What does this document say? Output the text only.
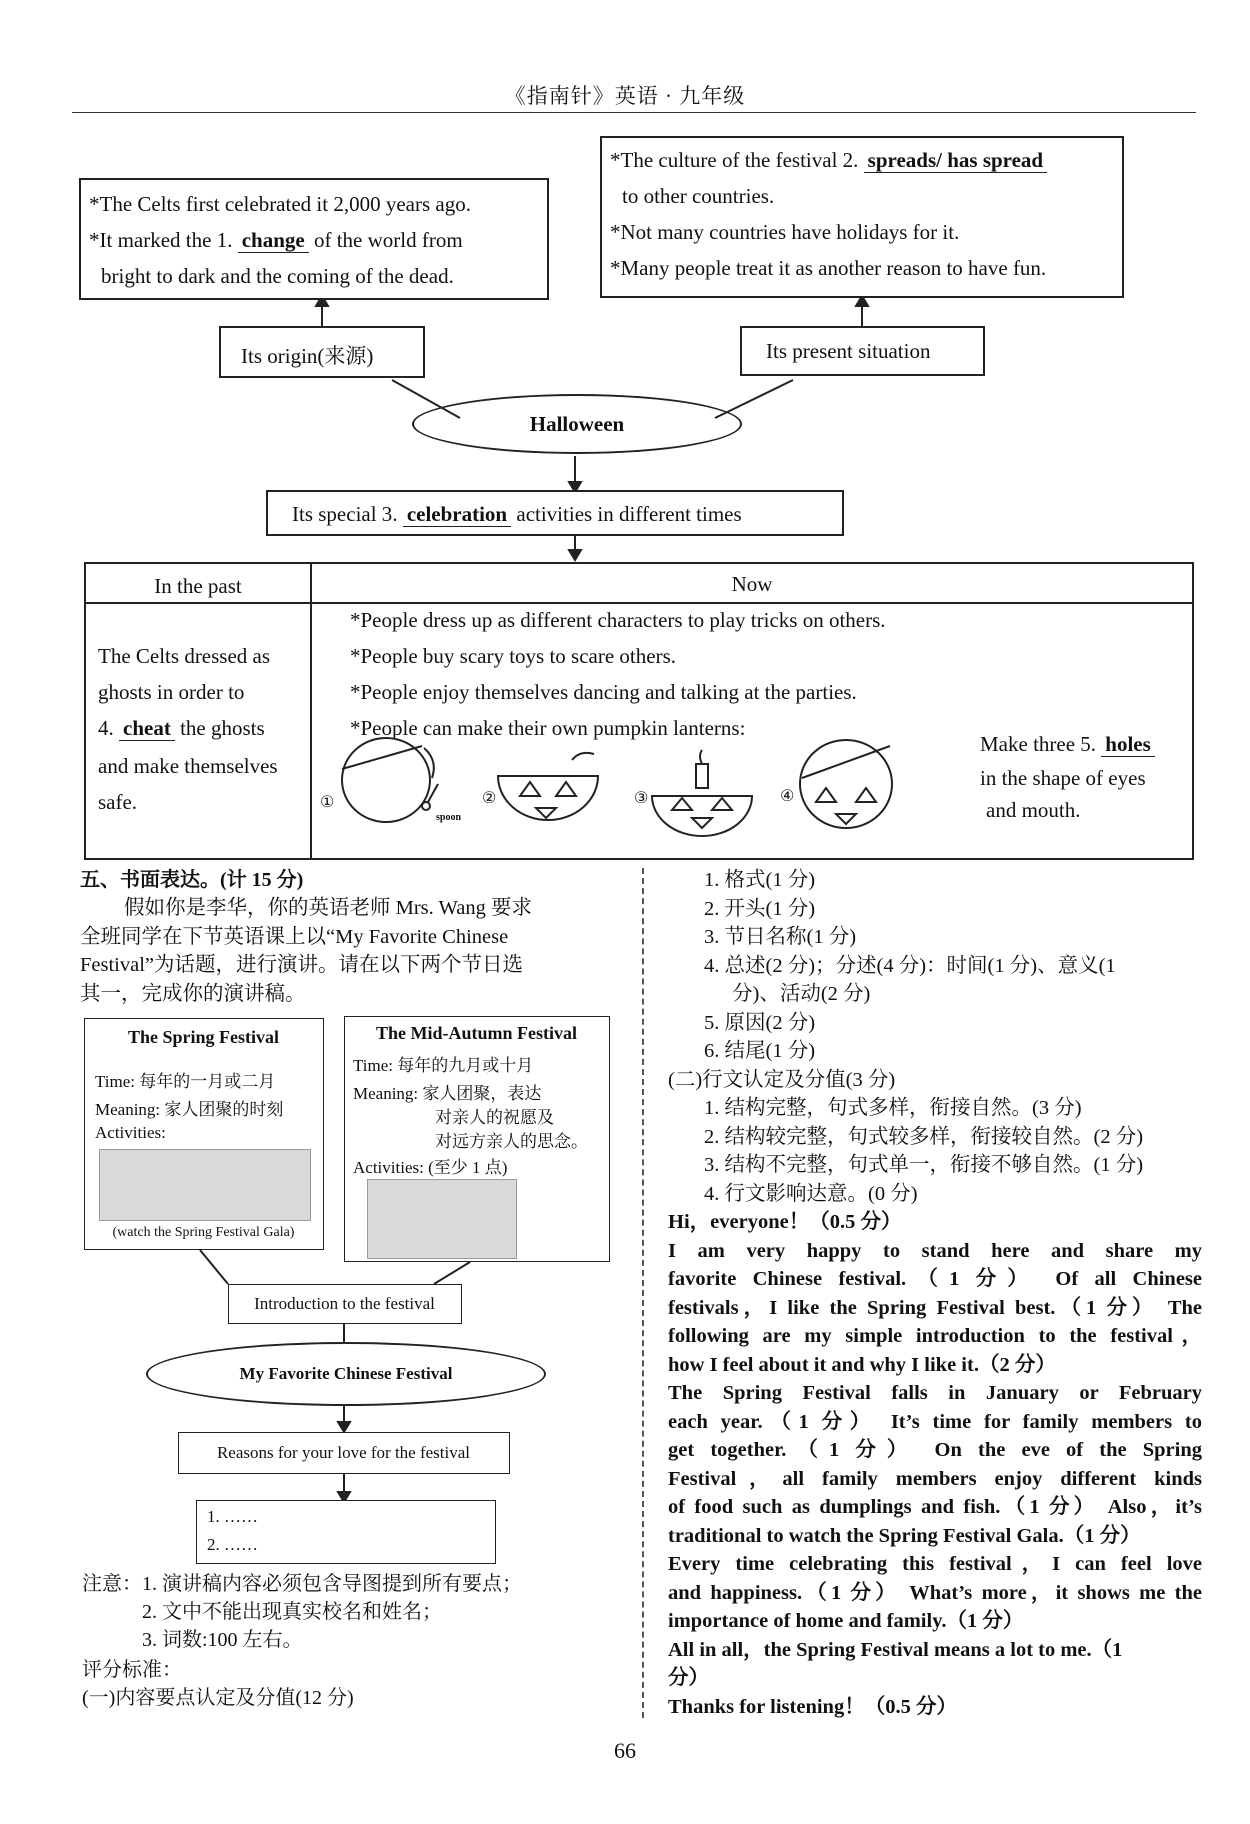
《指南针》英语 · 九年级
*The Celts first celebrated it 2,000 years ago.
*It marked the 1. change of the world from
bright to dark and the coming of the dead.
*The culture of the festival 2. spreads/ has spread
to other countries.
*Not many countries have holidays for it.
*Many people treat it as another reason to have fun.
Its origin(来源)	Its present situation
Halloween
Its special 3. celebration activities in different times
In the past	Now
The Celts dressed as
ghosts in order to
4. cheat the ghosts
and make themselves
safe.
*People dress up as different characters to play tricks on others.
*People buy scary toys to scare others.
*People enjoy themselves dancing and talking at the parties.
*People can make their own pumpkin lanterns:
Make three 5. holes
in the shape of eyes
and mouth.
①	②	③	④
spoon
五、书面表达。(计 15 分)
假如你是李华，你的英语老师 Mrs. Wang 要求
全班同学在下节英语课上以“My Favorite Chinese
Festival”为话题，进行演讲。请在以下两个节日选
其一，完成你的演讲稿。
The Spring Festival
Time: 每年的一月或二月
Meaning: 家人团聚的时刻
Activities:
(watch the Spring Festival Gala)
The Mid-Autumn Festival
Time: 每年的九月或十月
Meaning: 家人团聚，表达
对亲人的祝愿及
对远方亲人的思念。
Activities: (至少 1 点)
Introduction to the festival
My Favorite Chinese Festival
Reasons for your love for the festival
1. ……
2. ……
注意：1. 演讲稿内容必须包含导图提到所有要点；
2. 文中不能出现真实校名和姓名；
3. 词数:100 左右。
评分标准：
(一)内容要点认定及分值(12 分)
1. 格式(1 分)
2. 开头(1 分)
3. 节日名称(1 分)
4. 总述(2 分)；分述(4 分)：时间(1 分)、意义(1
分)、活动(2 分)
5. 原因(2 分)
6. 结尾(1 分)
(二)行文认定及分值(3 分)
1. 结构完整，句式多样，衔接自然。(3 分)
2. 结构较完整，句式较多样，衔接较自然。(2 分)
3. 结构不完整，句式单一，衔接不够自然。(1 分)
4. 行文影响达意。(0 分)
Hi，everyone！（0.5 分）
I am very happy to stand here and share my
favorite Chinese festival.（1 分） Of all Chinese
festivals，I like the Spring Festival best.（1 分） The
following are my simple introduction to the festival，
how I feel about it and why I like it.（2 分）
The Spring Festival falls in January or February
each year.（1 分） It’s time for family members to
get together.（1 分） On the eve of the Spring
Festival，all family members enjoy different kinds
of food such as dumplings and fish.（1 分） Also，it’s
traditional to watch the Spring Festival Gala.（1 分）
Every time celebrating this festival，I can feel love
and happiness.（1 分） What’s more，it shows me the
importance of home and family.（1 分）
All in all，the Spring Festival means a lot to me.（1
分）
Thanks for listening！（0.5 分）
66
